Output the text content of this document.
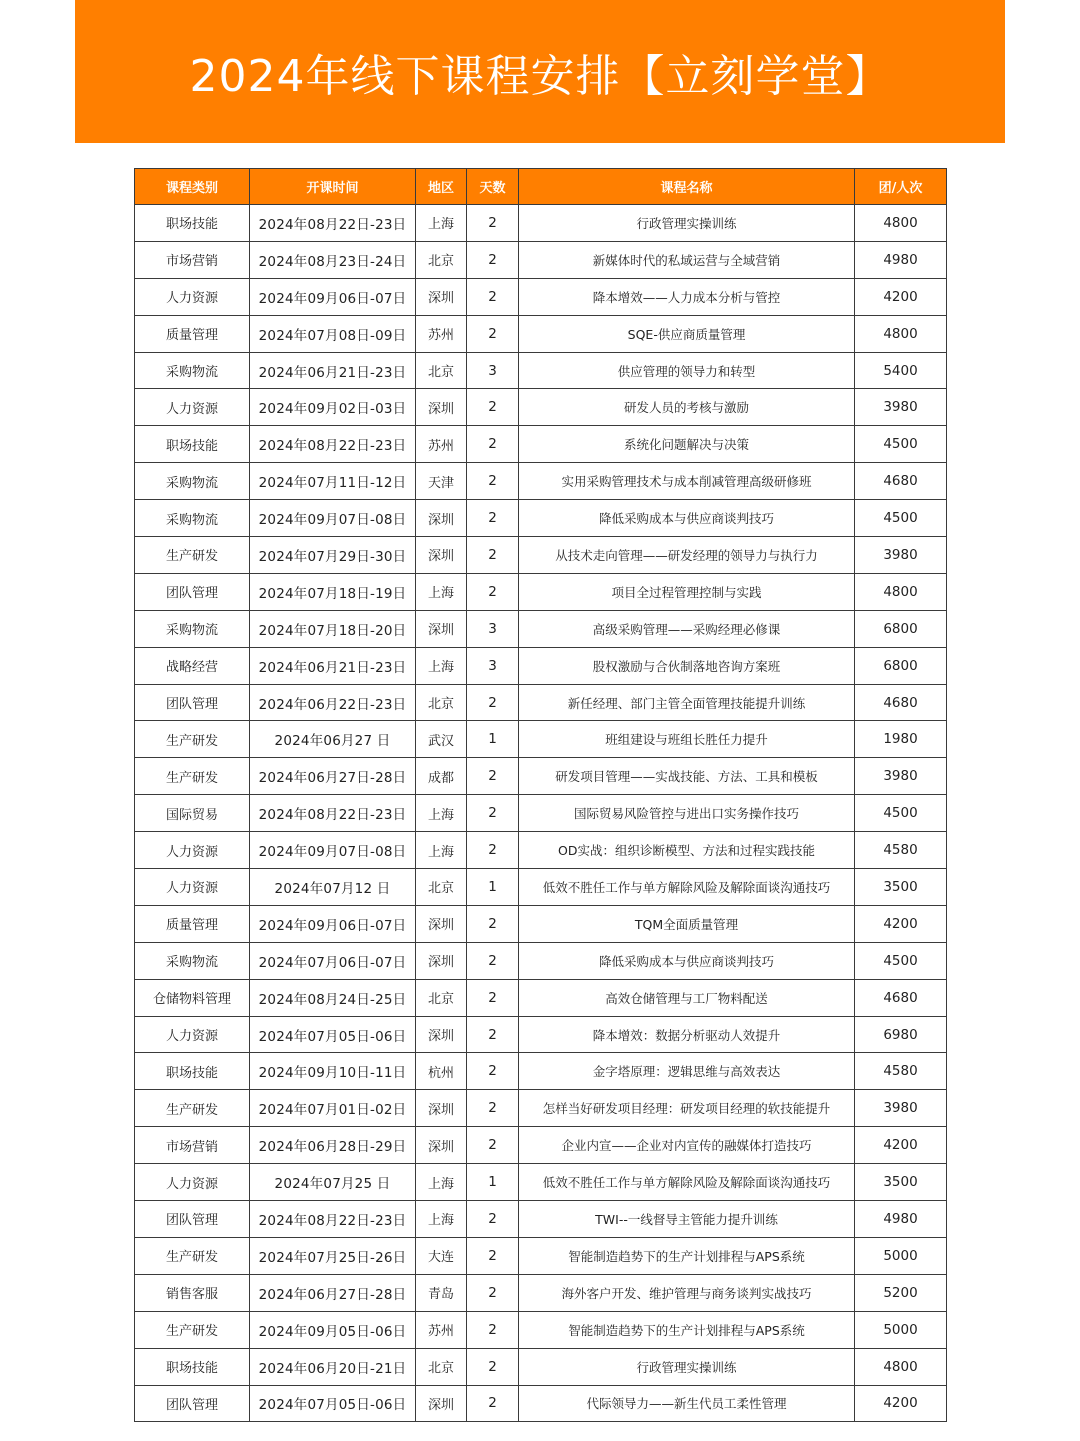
2024年线下课程安排【立刻学堂】
课程类别	开课时间	地区	天数	课程名称	团/人次
职场技能	2024年08月22日-23日	上海	2	行政管理实操训练	4800
市场营销	2024年08月23日-24日	北京	2	新媒体时代的私域运营与全域营销	4980
人力资源	2024年09月06日-07日	深圳	2	降本增效——人力成本分析与管控	4200
质量管理	2024年07月08日-09日	苏州	2	SQE-供应商质量管理	4800
采购物流	2024年06月21日-23日	北京	3	供应管理的领导力和转型	5400
人力资源	2024年09月02日-03日	深圳	2	研发人员的考核与激励	3980
职场技能	2024年08月22日-23日	苏州	2	系统化问题解决与决策	4500
采购物流	2024年07月11日-12日	天津	2	实用采购管理技术与成本削减管理高级研修班	4680
采购物流	2024年09月07日-08日	深圳	2	降低采购成本与供应商谈判技巧	4500
生产研发	2024年07月29日-30日	深圳	2	从技术走向管理——研发经理的领导力与执行力	3980
团队管理	2024年07月18日-19日	上海	2	项目全过程管理控制与实践	4800
采购物流	2024年07月18日-20日	深圳	3	高级采购管理——采购经理必修课	6800
战略经营	2024年06月21日-23日	上海	3	股权激励与合伙制落地咨询方案班	6800
团队管理	2024年06月22日-23日	北京	2	新任经理、部门主管全面管理技能提升训练	4680
生产研发	2024年06月27 日	武汉	1	班组建设与班组长胜任力提升	1980
生产研发	2024年06月27日-28日	成都	2	研发项目管理——实战技能、方法、工具和模板	3980
国际贸易	2024年08月22日-23日	上海	2	国际贸易风险管控与进出口实务操作技巧	4500
人力资源	2024年09月07日-08日	上海	2	OD实战：组织诊断模型、方法和过程实践技能	4580
人力资源	2024年07月12 日	北京	1	低效不胜任工作与单方解除风险及解除面谈沟通技巧	3500
质量管理	2024年09月06日-07日	深圳	2	TQM全面质量管理	4200
采购物流	2024年07月06日-07日	深圳	2	降低采购成本与供应商谈判技巧	4500
仓储物料管理	2024年08月24日-25日	北京	2	高效仓储管理与工厂物料配送	4680
人力资源	2024年07月05日-06日	深圳	2	降本增效：数据分析驱动人效提升	6980
职场技能	2024年09月10日-11日	杭州	2	金字塔原理：逻辑思维与高效表达	4580
生产研发	2024年07月01日-02日	深圳	2	怎样当好研发项目经理：研发项目经理的软技能提升	3980
市场营销	2024年06月28日-29日	深圳	2	企业内宣——企业对内宣传的融媒体打造技巧	4200
人力资源	2024年07月25 日	上海	1	低效不胜任工作与单方解除风险及解除面谈沟通技巧	3500
团队管理	2024年08月22日-23日	上海	2	TWI--一线督导主管能力提升训练	4980
生产研发	2024年07月25日-26日	大连	2	智能制造趋势下的生产计划排程与APS系统	5000
销售客服	2024年06月27日-28日	青岛	2	海外客户开发、维护管理与商务谈判实战技巧	5200
生产研发	2024年09月05日-06日	苏州	2	智能制造趋势下的生产计划排程与APS系统	5000
职场技能	2024年06月20日-21日	北京	2	行政管理实操训练	4800
团队管理	2024年07月05日-06日	深圳	2	代际领导力——新生代员工柔性管理	4200
